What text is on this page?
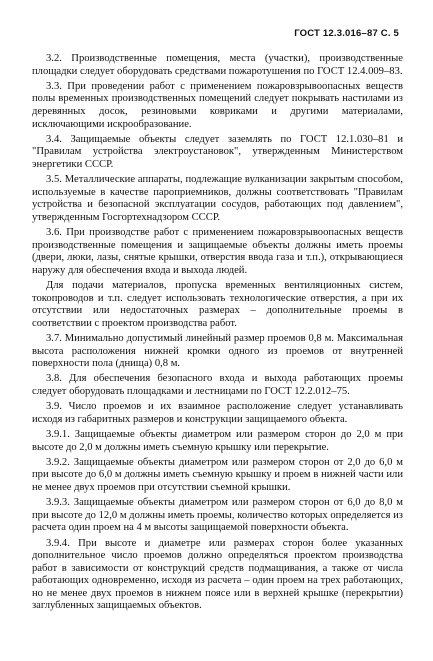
ГОСТ 12.3.016–87 С. 5

3.2. Производственные помещения, места (участки), производственные площадки следует оборудовать средствами пожаротушения по ГОСТ 12.4.009–83.

3.3. При проведении работ с применением пожаровзрывоопасных веществ полы временных производственных помещений следует покрывать настилами из деревянных досок, резиновыми ковриками и другими материалами, исключающими искрообразование.

3.4. Защищаемые объекты следует заземлять по ГОСТ 12.1.030–81 и "Правилам устройства электроустановок", утвержденным Министерством энергетики СССР.

3.5. Металлические аппараты, подлежащие вулканизации закрытым способом, используемые в качестве пароприемников, должны соответствовать "Правилам устройства и безопасной эксплуатации сосудов, работающих под давлением", утвержденным Госгортехнадзором СССР.

3.6. При производстве работ с применением пожаровзрывоопасных веществ производственные помещения и защищаемые объекты должны иметь проемы (двери, люки, лазы, снятые крышки, отверстия ввода газа и т.п.), открывающиеся наружу для обеспечения входа и выхода людей.

Для подачи материалов, пропуска временных вентиляционных систем, токопроводов и т.п. следует использовать технологические отверстия, а при их отсутствии или недостаточных размерах – дополнительные проемы в соответствии с проектом производства работ.

3.7. Минимально допустимый линейный размер проемов 0,8 м. Максимальная высота расположения нижней кромки одного из проемов от внутренней поверхности пола (днища) 0,8 м.

3.8. Для обеспечения безопасного входа и выхода работающих проемы следует оборудовать площадками и лестницами по ГОСТ 12.2.012–75.

3.9. Число проемов и их взаимное расположение следует устанавливать исходя из габаритных размеров и конструкции защищаемого объекта.

3.9.1. Защищаемые объекты диаметром или размером сторон до 2,0 м при высоте до 2,0 м должны иметь съемную крышку или перекрытие.

3.9.2. Защищаемые объекты диаметром или размером сторон от 2,0 до 6,0 м при высоте до 6,0 м должны иметь съемную крышку и проем в нижней части или не менее двух проемов при отсутствии съемной крышки.

3.9.3. Защищаемые объекты диаметром или размером сторон от 6,0 до 8,0 м при высоте до 12,0 м должны иметь проемы, количество которых определяется из расчета один проем на 4 м высоты защищаемой поверхности объекта.

3.9.4. При высоте и диаметре или размерах сторон более указанных дополнительное число проемов должно определяться проектом производства работ в зависимости от конструкций средств подмащивания, а также от числа работающих одновременно, исходя из расчета – один проем на трех работающих, но не менее двух проемов в нижнем поясе или в верхней крышке (перекрытии) заглубленных защищаемых объектов.
